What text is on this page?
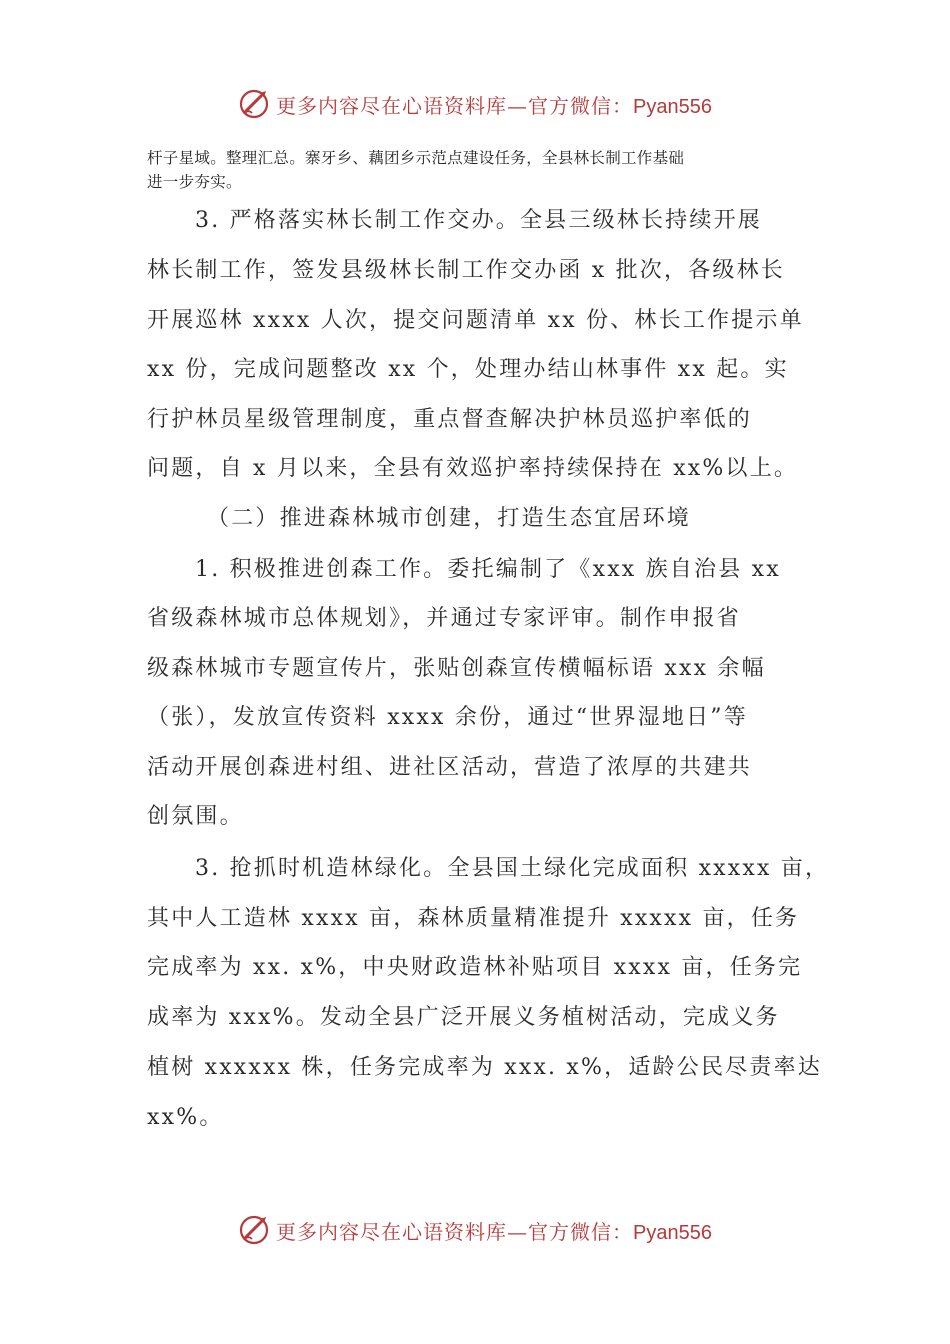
更多内容尽在心语资料库—官方微信：Pyan556
杆子星域。整理汇总。寨牙乡、藕团乡示范点建设任务，全县林长制工作基础
进一步夯实。
3. 严格落实林长制工作交办。全县三级林长持续开展
林长制工作，签发县级林长制工作交办函 x 批次，各级林长
开展巡林 xxxx 人次，提交问题清单 xx 份、林长工作提示单
xx 份，完成问题整改 xx 个，处理办结山林事件 xx 起。实
行护林员星级管理制度，重点督查解决护林员巡护率低的
问题，自 x 月以来，全县有效巡护率持续保持在 xx%以上。
（二）推进森林城市创建，打造生态宜居环境
1. 积极推进创森工作。委托编制了《xxx 族自治县 xx
省级森林城市总体规划》，并通过专家评审。制作申报省
级森林城市专题宣传片，张贴创森宣传横幅标语 xxx 余幅
（张），发放宣传资料 xxxx 余份，通过“世界湿地日”等
活动开展创森进村组、进社区活动，营造了浓厚的共建共
创氛围。
3. 抢抓时机造林绿化。全县国土绿化完成面积 xxxxx 亩，
其中人工造林 xxxx 亩，森林质量精准提升 xxxxx 亩，任务
完成率为 xx. x%，中央财政造林补贴项目 xxxx 亩，任务完
成率为 xxx%。发动全县广泛开展义务植树活动，完成义务
植树 xxxxxx 株，任务完成率为 xxx. x%，适龄公民尽责率达
xx%。
更多内容尽在心语资料库—官方微信：Pyan556
